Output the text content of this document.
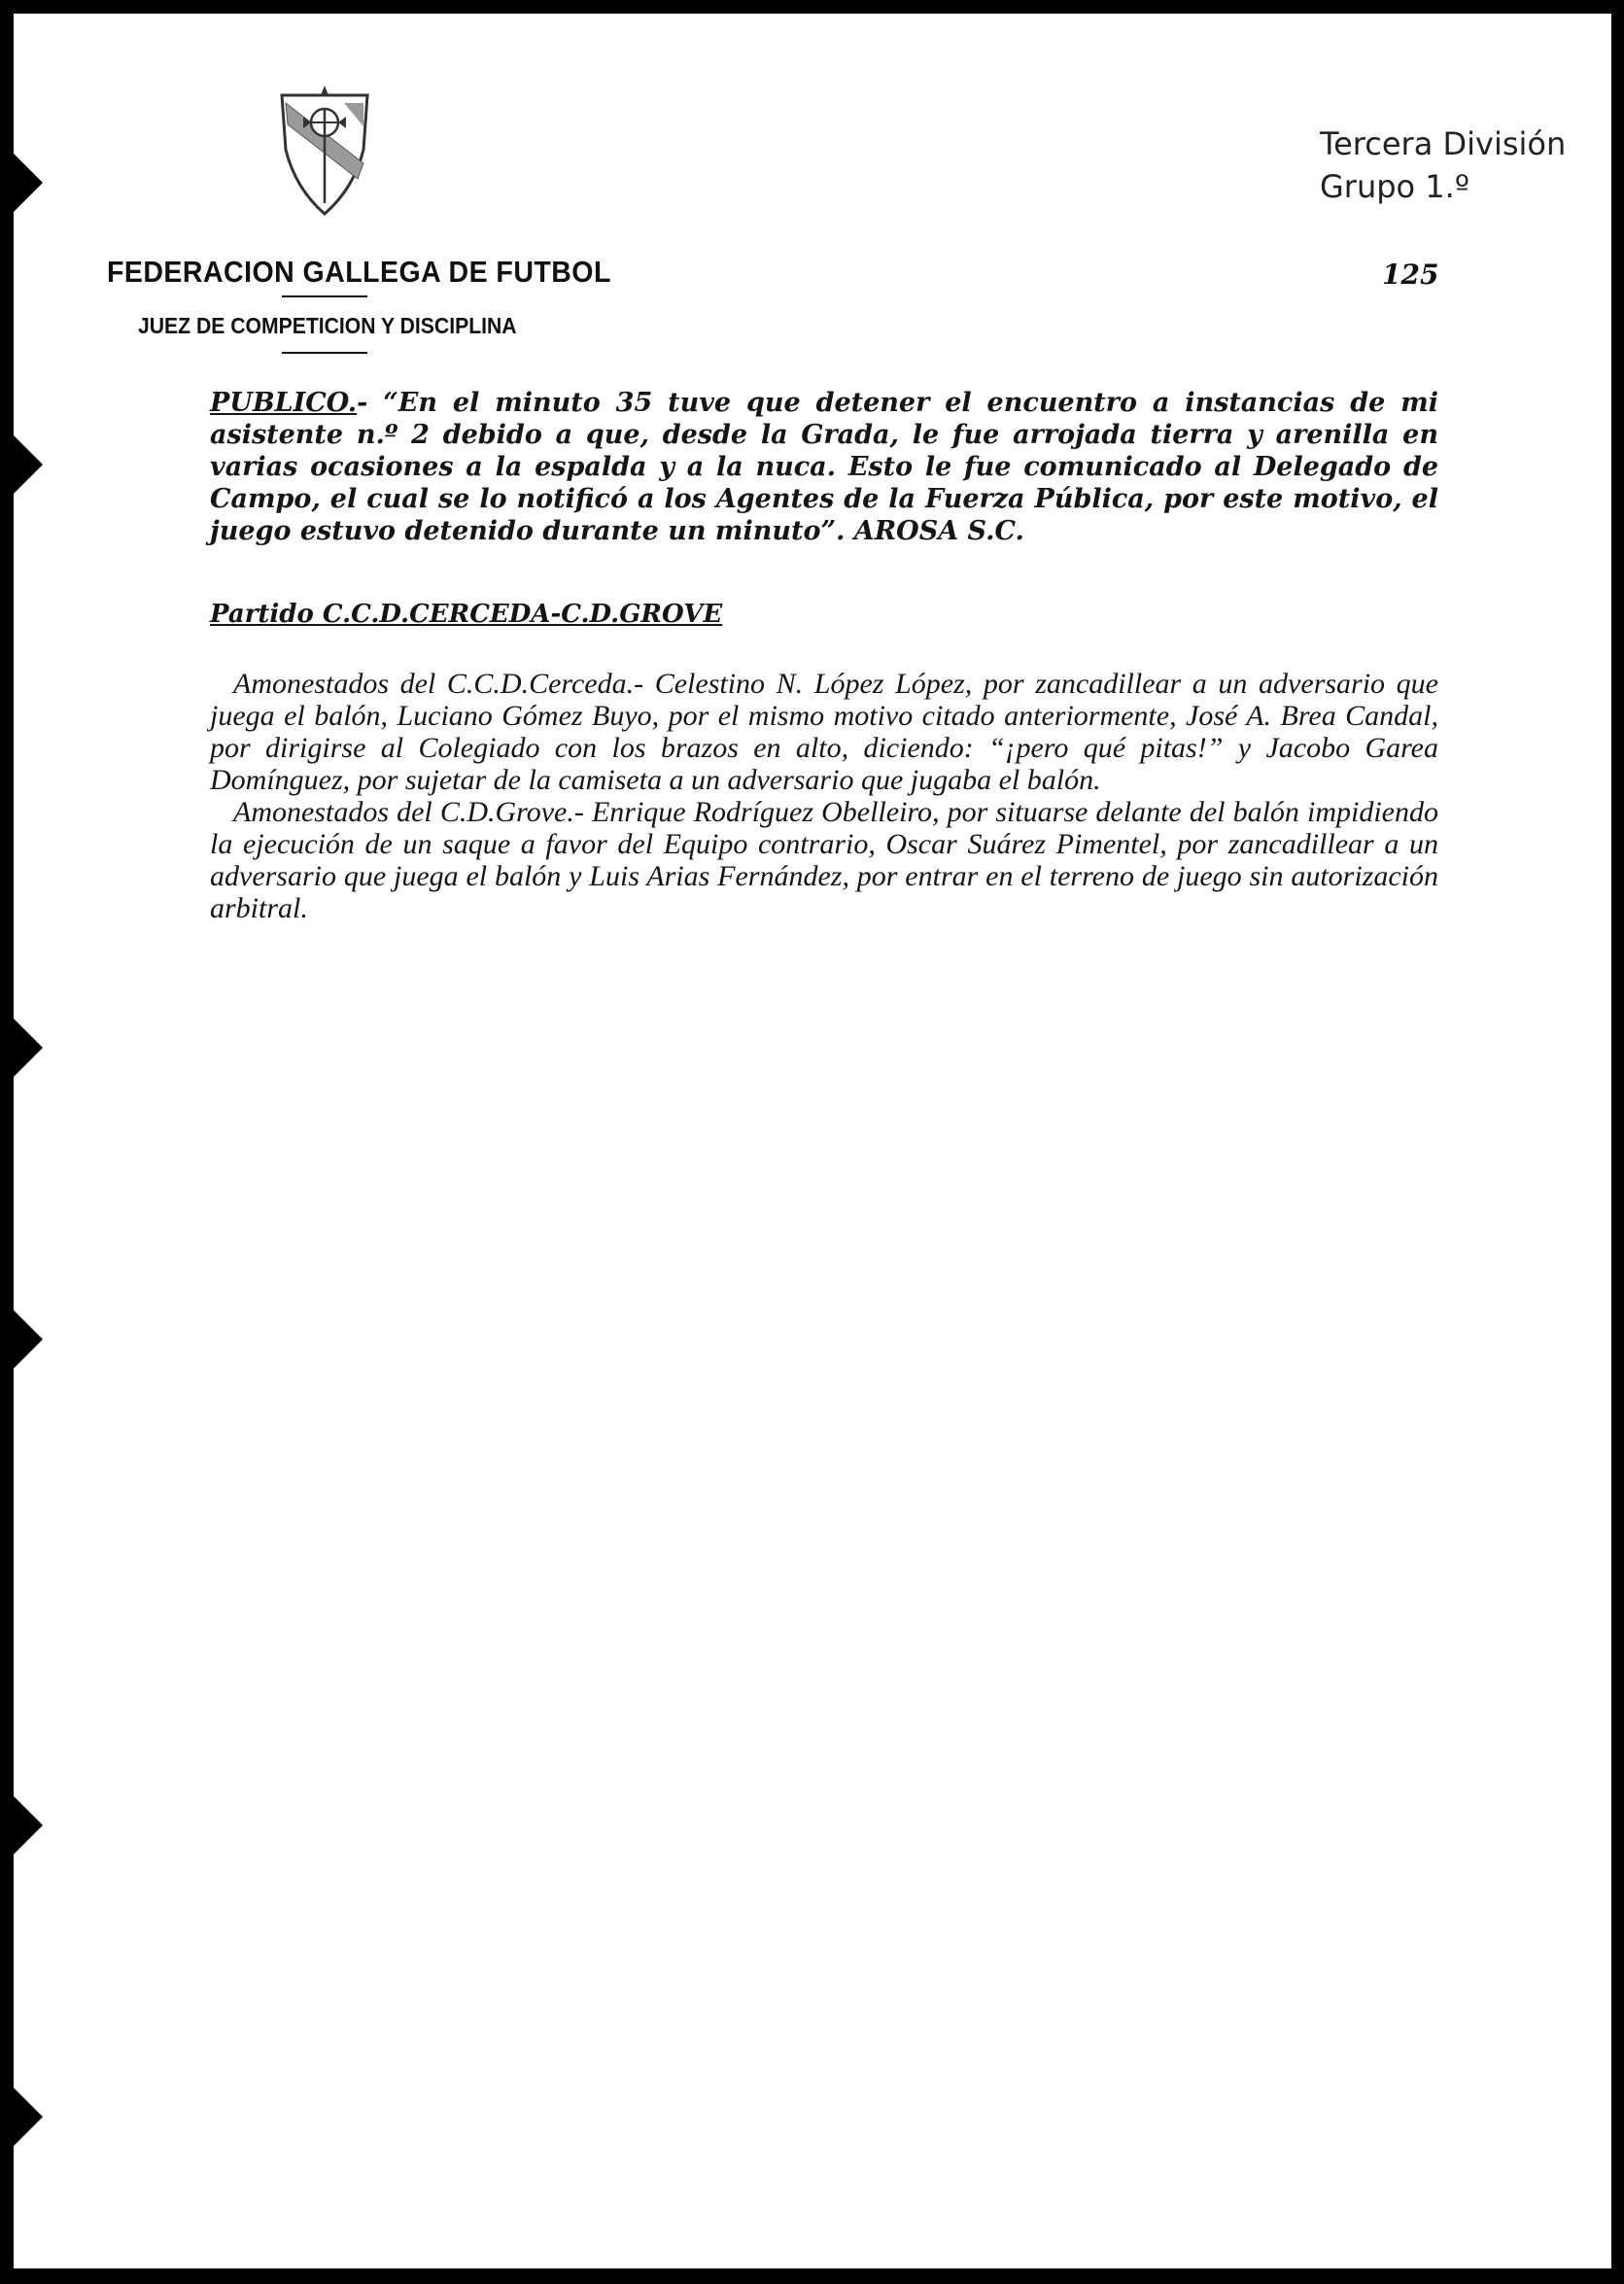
FEDERACION GALLEGA DE FUTBOL
JUEZ DE COMPETICION Y DISCIPLINA
Tercera División
Grupo 1.º
125

PUBLICO.- “En el minuto 35 tuve que detener el encuentro a instancias de mi asistente n.º 2 debido a que, desde la Grada, le fue arrojada tierra y arenilla en varias ocasiones a la espalda y a la nuca. Esto le fue comunicado al Delegado de Campo, el cual se lo notificó a los Agentes de la Fuerza Pública, por este motivo, el juego estuvo detenido durante un minuto”. AROSA S.C.

Partido C.C.D.CERCEDA-C.D.GROVE

Amonestados del C.C.D.Cerceda.- Celestino N. López López, por zancadillear a un adversario que juega el balón, Luciano Gómez Buyo, por el mismo motivo citado anteriormente, José A. Brea Candal, por dirigirse al Colegiado con los brazos en alto, diciendo: “¡pero qué pitas!” y Jacobo Garea Domínguez, por sujetar de la camiseta a un adversario que jugaba el balón.

Amonestados del C.D.Grove.- Enrique Rodríguez Obelleiro, por situarse delante del balón impidiendo la ejecución de un saque a favor del Equipo contrario, Oscar Suárez Pimentel, por zancadillear a un adversario que juega el balón y Luis Arias Fernández, por entrar en el terreno de juego sin autorización arbitral.
